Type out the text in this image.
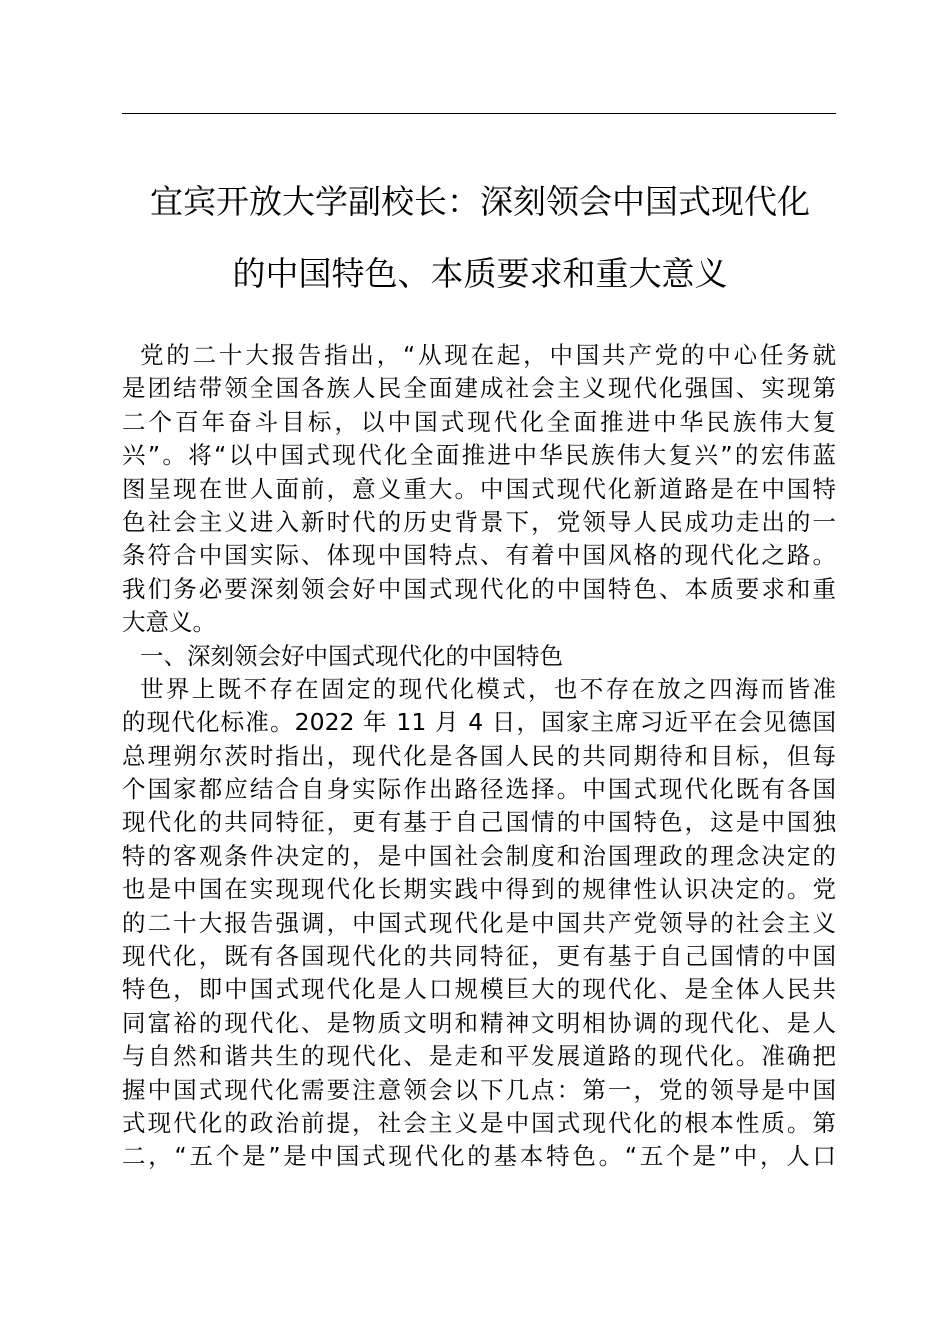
宜宾开放大学副校长：深刻领会中国式现代化
的中国特色、本质要求和重大意义
党的二十大报告指出，“从现在起，中国共产党的中心任务就
是团结带领全国各族人民全面建成社会主义现代化强国、实现第
二个百年奋斗目标，以中国式现代化全面推进中华民族伟大复
兴”。将“以中国式现代化全面推进中华民族伟大复兴”的宏伟蓝
图呈现在世人面前，意义重大。中国式现代化新道路是在中国特
色社会主义进入新时代的历史背景下，党领导人民成功走出的一
条符合中国实际、体现中国特点、有着中国风格的现代化之路。
我们务必要深刻领会好中国式现代化的中国特色、本质要求和重
大意义。
一、深刻领会好中国式现代化的中国特色
世界上既不存在固定的现代化模式，也不存在放之四海而皆准
的现代化标准。2022 年 11 月 4 日，国家主席习近平在会见德国
总理朔尔茨时指出，现代化是各国人民的共同期待和目标，但每
个国家都应结合自身实际作出路径选择。中国式现代化既有各国
现代化的共同特征，更有基于自己国情的中国特色，这是中国独
特的客观条件决定的，是中国社会制度和治国理政的理念决定的
也是中国在实现现代化长期实践中得到的规律性认识决定的。党
的二十大报告强调，中国式现代化是中国共产党领导的社会主义
现代化，既有各国现代化的共同特征，更有基于自己国情的中国
特色，即中国式现代化是人口规模巨大的现代化、是全体人民共
同富裕的现代化、是物质文明和精神文明相协调的现代化、是人
与自然和谐共生的现代化、是走和平发展道路的现代化。准确把
握中国式现代化需要注意领会以下几点：第一，党的领导是中国
式现代化的政治前提，社会主义是中国式现代化的根本性质。第
二，“五个是”是中国式现代化的基本特色。“五个是”中，人口
